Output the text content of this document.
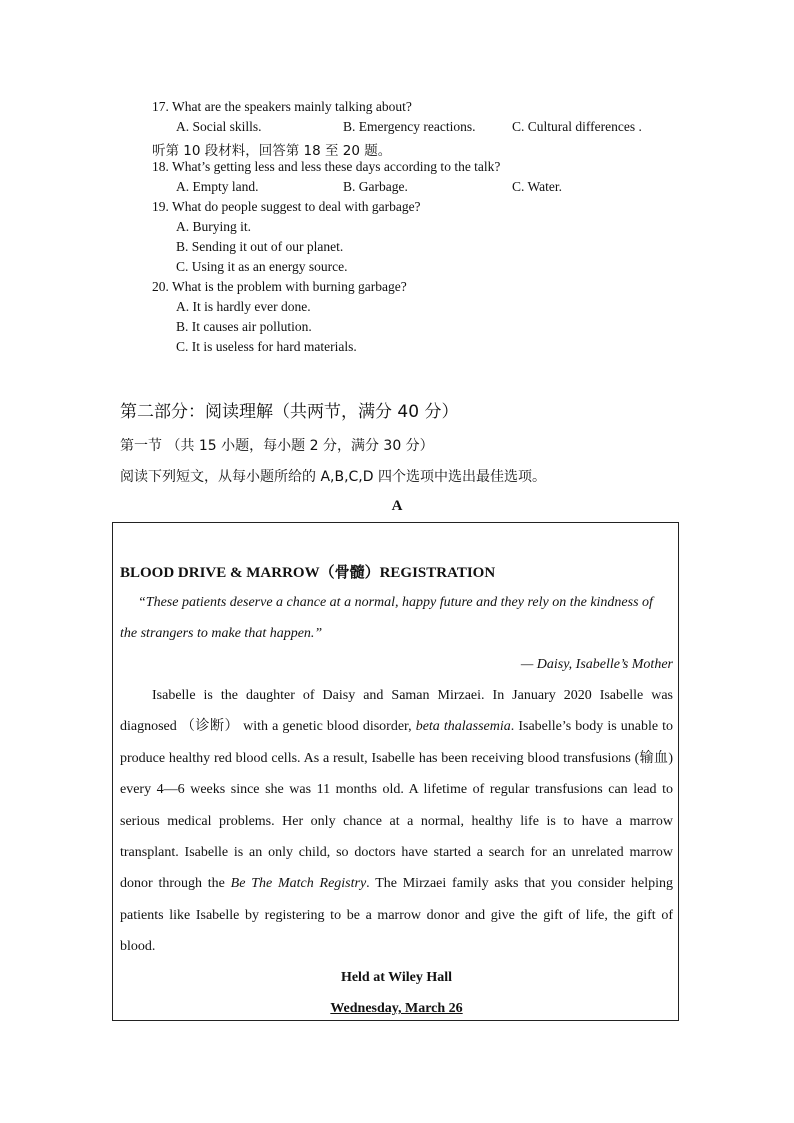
17. What are the speakers mainly talking about?
A. Social skills.	B. Emergency reactions.	C. Cultural differences .
听第 10 段材料，回答第 18 至 20 题。
18. What’s getting less and less these days according to the talk?
A. Empty land.	B. Garbage.	C. Water.
19. What do people suggest to deal with garbage?
A. Burying it.
B. Sending it out of our planet.
C. Using it as an energy source.
20. What is the problem with burning garbage?
A. It is hardly ever done.
B. It causes air pollution.
C. It is useless for hard materials.
第二部分：阅读理解（共两节，满分 40 分）
第一节 （共 15 小题，每小题 2 分，满分 30 分）
阅读下列短文，从每小题所给的 A,B,C,D 四个选项中选出最佳选项。
A
BLOOD DRIVE & MARROW（骨髓）REGISTRATION
“These patients deserve a chance at a normal, happy future and they rely on the kindness of the strangers to make that happen.”
— Daisy, Isabelle’s Mother
Isabelle is the daughter of Daisy and Saman Mirzaei. In January 2020 Isabelle was diagnosed （诊断） with a genetic blood disorder, beta thalassemia. Isabelle’s body is unable to produce healthy red blood cells. As a result, Isabelle has been receiving blood transfusions (输血) every 4—6 weeks since she was 11 months old. A lifetime of regular transfusions can lead to serious medical problems. Her only chance at a normal, healthy life is to have a marrow transplant. Isabelle is an only child, so doctors have started a search for an unrelated marrow donor through the Be The Match Registry. The Mirzaei family asks that you consider helping patients like Isabelle by registering to be a marrow donor and give the gift of life, the gift of blood.
Held at Wiley Hall
Wednesday, March 26
